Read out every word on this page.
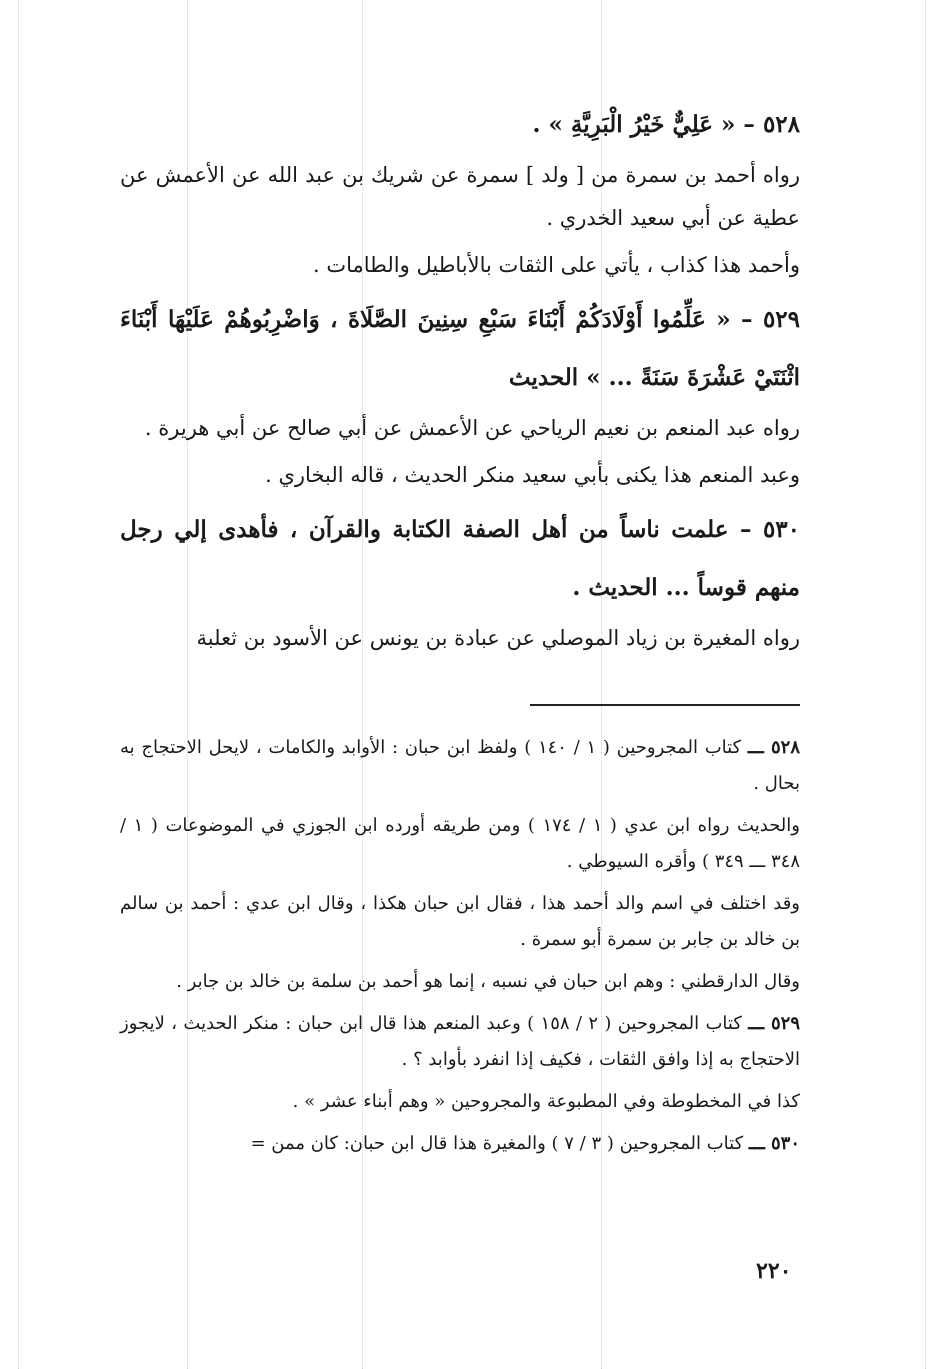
٥٢٨ – « عَلِيٌّ خَيْرُ الْبَرِيَّةِ » .

رواه أحمد بن سمرة من [ ولد ] سمرة عن شريك بن عبد الله عن الأعمش عن عطية عن أبي سعيد الخدري .

وأحمد هذا كذاب ، يأتي على الثقات بالأباطيل والطامات .

٥٢٩ – « عَلِّمُوا أَوْلَادَكُمْ أَبْنَاءَ سَبْعِ سِنِينَ الصَّلَاةَ ، وَاضْرِبُوهُمْ عَلَيْهَا أَبْنَاءَ اثْنَتَيْ عَشْرَةَ سَنَةً ... » الحديث

رواه عبد المنعم بن نعيم الرياحي عن الأعمش عن أبي صالح عن أبي هريرة .

وعبد المنعم هذا يكنى بأبي سعيد منكر الحديث ، قاله البخاري .

٥٣٠ – علمت ناساً من أهل الصفة الكتابة والقرآن ، فأهدى إلي رجل منهم قوساً ... الحديث .

رواه المغيرة بن زياد الموصلي عن عبادة بن يونس عن الأسود بن ثعلبة

٥٢٨ ـــ كتاب المجروحين ( ١ / ١٤٠ ) ولفظ ابن حبان : الأوابد والكامات ، لايحل الاحتجاج به بحال .

والحديث رواه ابن عدي ( ١ / ١٧٤ ) ومن طريقه أورده ابن الجوزي في الموضوعات ( ١ / ٣٤٨ ـــ ٣٤٩ ) وأقره السيوطي .

وقد اختلف في اسم والد أحمد هذا ، فقال ابن حبان هكذا ، وقال ابن عدي : أحمد بن سالم بن خالد بن جابر بن سمرة أبو سمرة .

وقال الدارقطني : وهم ابن حبان في نسبه ، إنما هو أحمد بن سلمة بن خالد بن جابر .

٥٢٩ ـــ كتاب المجروحين ( ٢ / ١٥٨ ) وعبد المنعم هذا قال ابن حبان : منكر الحديث ، لايجوز الاحتجاج به إذا وافق الثقات ، فكيف إذا انفرد بأوابد ؟ .

كذا في المخطوطة وفي المطبوعة والمجروحين « وهم أبناء عشر » .

٥٣٠ ـــ كتاب المجروحين ( ٣ / ٧ ) والمغيرة هذا قال ابن حبان: كان ممن =

٢٢٠
